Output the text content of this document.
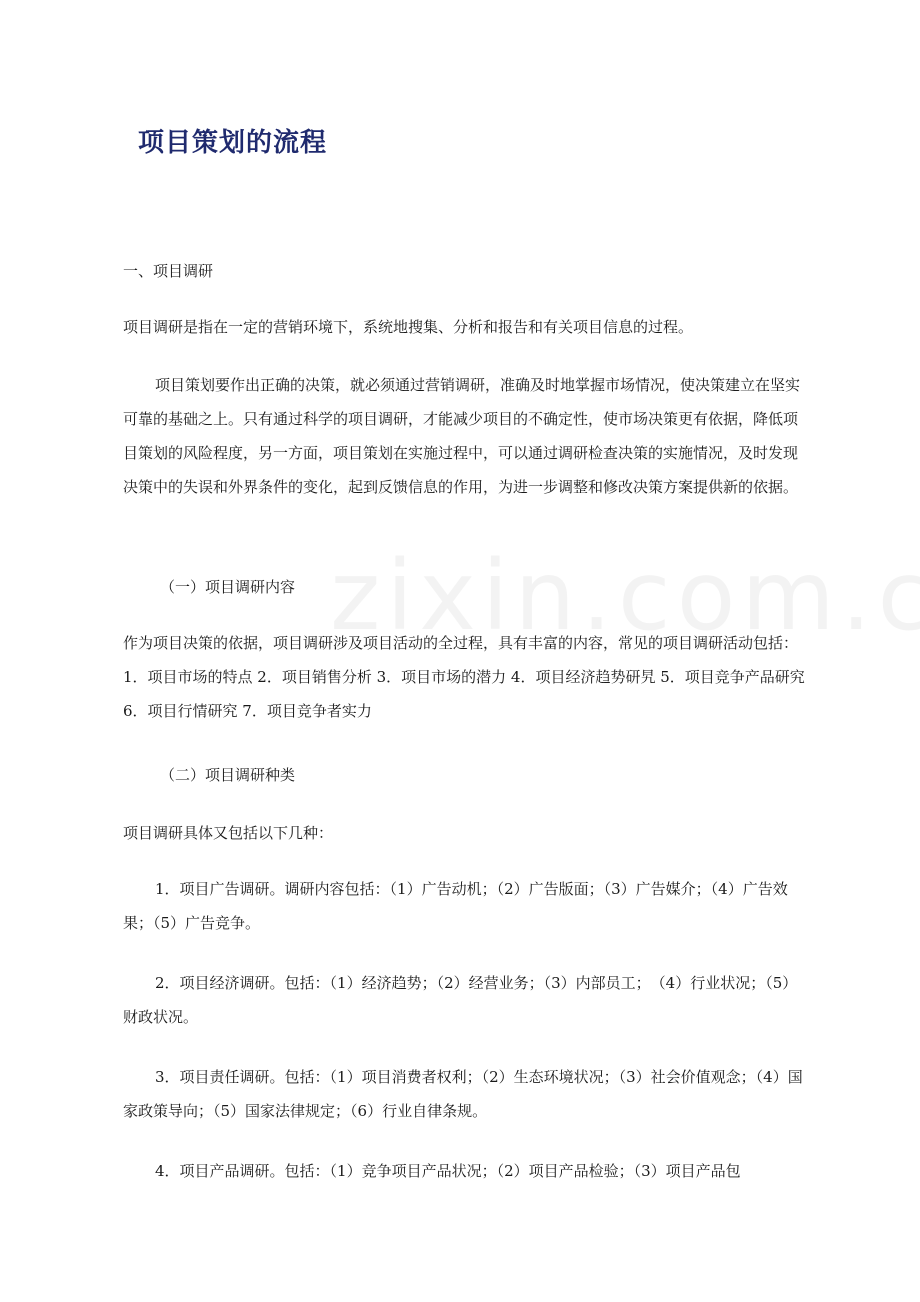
项目策划的流程

一、项目调研

项目调研是指在一定的营销环境下，系统地搜集、分析和报告和有关项目信息的过程。

项目策划要作出正确的决策，就必须通过营销调研，准确及时地掌握市场情况，使决策建立在坚实可靠的基础之上。只有通过科学的项目调研，才能减少项目的不确定性，使市场决策更有依据，降低项目策划的风险程度，另一方面，项目策划在实施过程中，可以通过调研检查决策的实施情况，及时发现决策中的失误和外界条件的变化，起到反馈信息的作用，为进一步调整和修改决策方案提供新的依据。

（一）项目调研内容

作为项目决策的依据，项目调研涉及项目活动的全过程，具有丰富的内容，常见的项目调研活动包括： 1．项目市场的特点 2．项目销售分析 3．项目市场的潜力 4．项目经济趋势研旯 5．项目竞争产品研究 6．项目行情研究 7．项目竞争者实力

（二）项目调研种类

项目调研具体又包括以下几种：

1．项目广告调研。调研内容包括：（1）广告动机；（2）广告版面；（3）广告媒介；（4）广告效果；（5）广告竞争。

2．项目经济调研。包括：（1）经济趋势；（2）经营业务；（3）内部员工；　（4）行业状况；（5）财政状况。

3．项目责任调研。包括：（1）项目消费者权利；（2）生态环境状况；（3）社会价值观念；（4）国家政策导向；（5）国家法律规定；（6）行业自律条规。

4．项目产品调研。包括：（1）竞争项目产品状况；（2）项目产品检验；（3）项目产品包
